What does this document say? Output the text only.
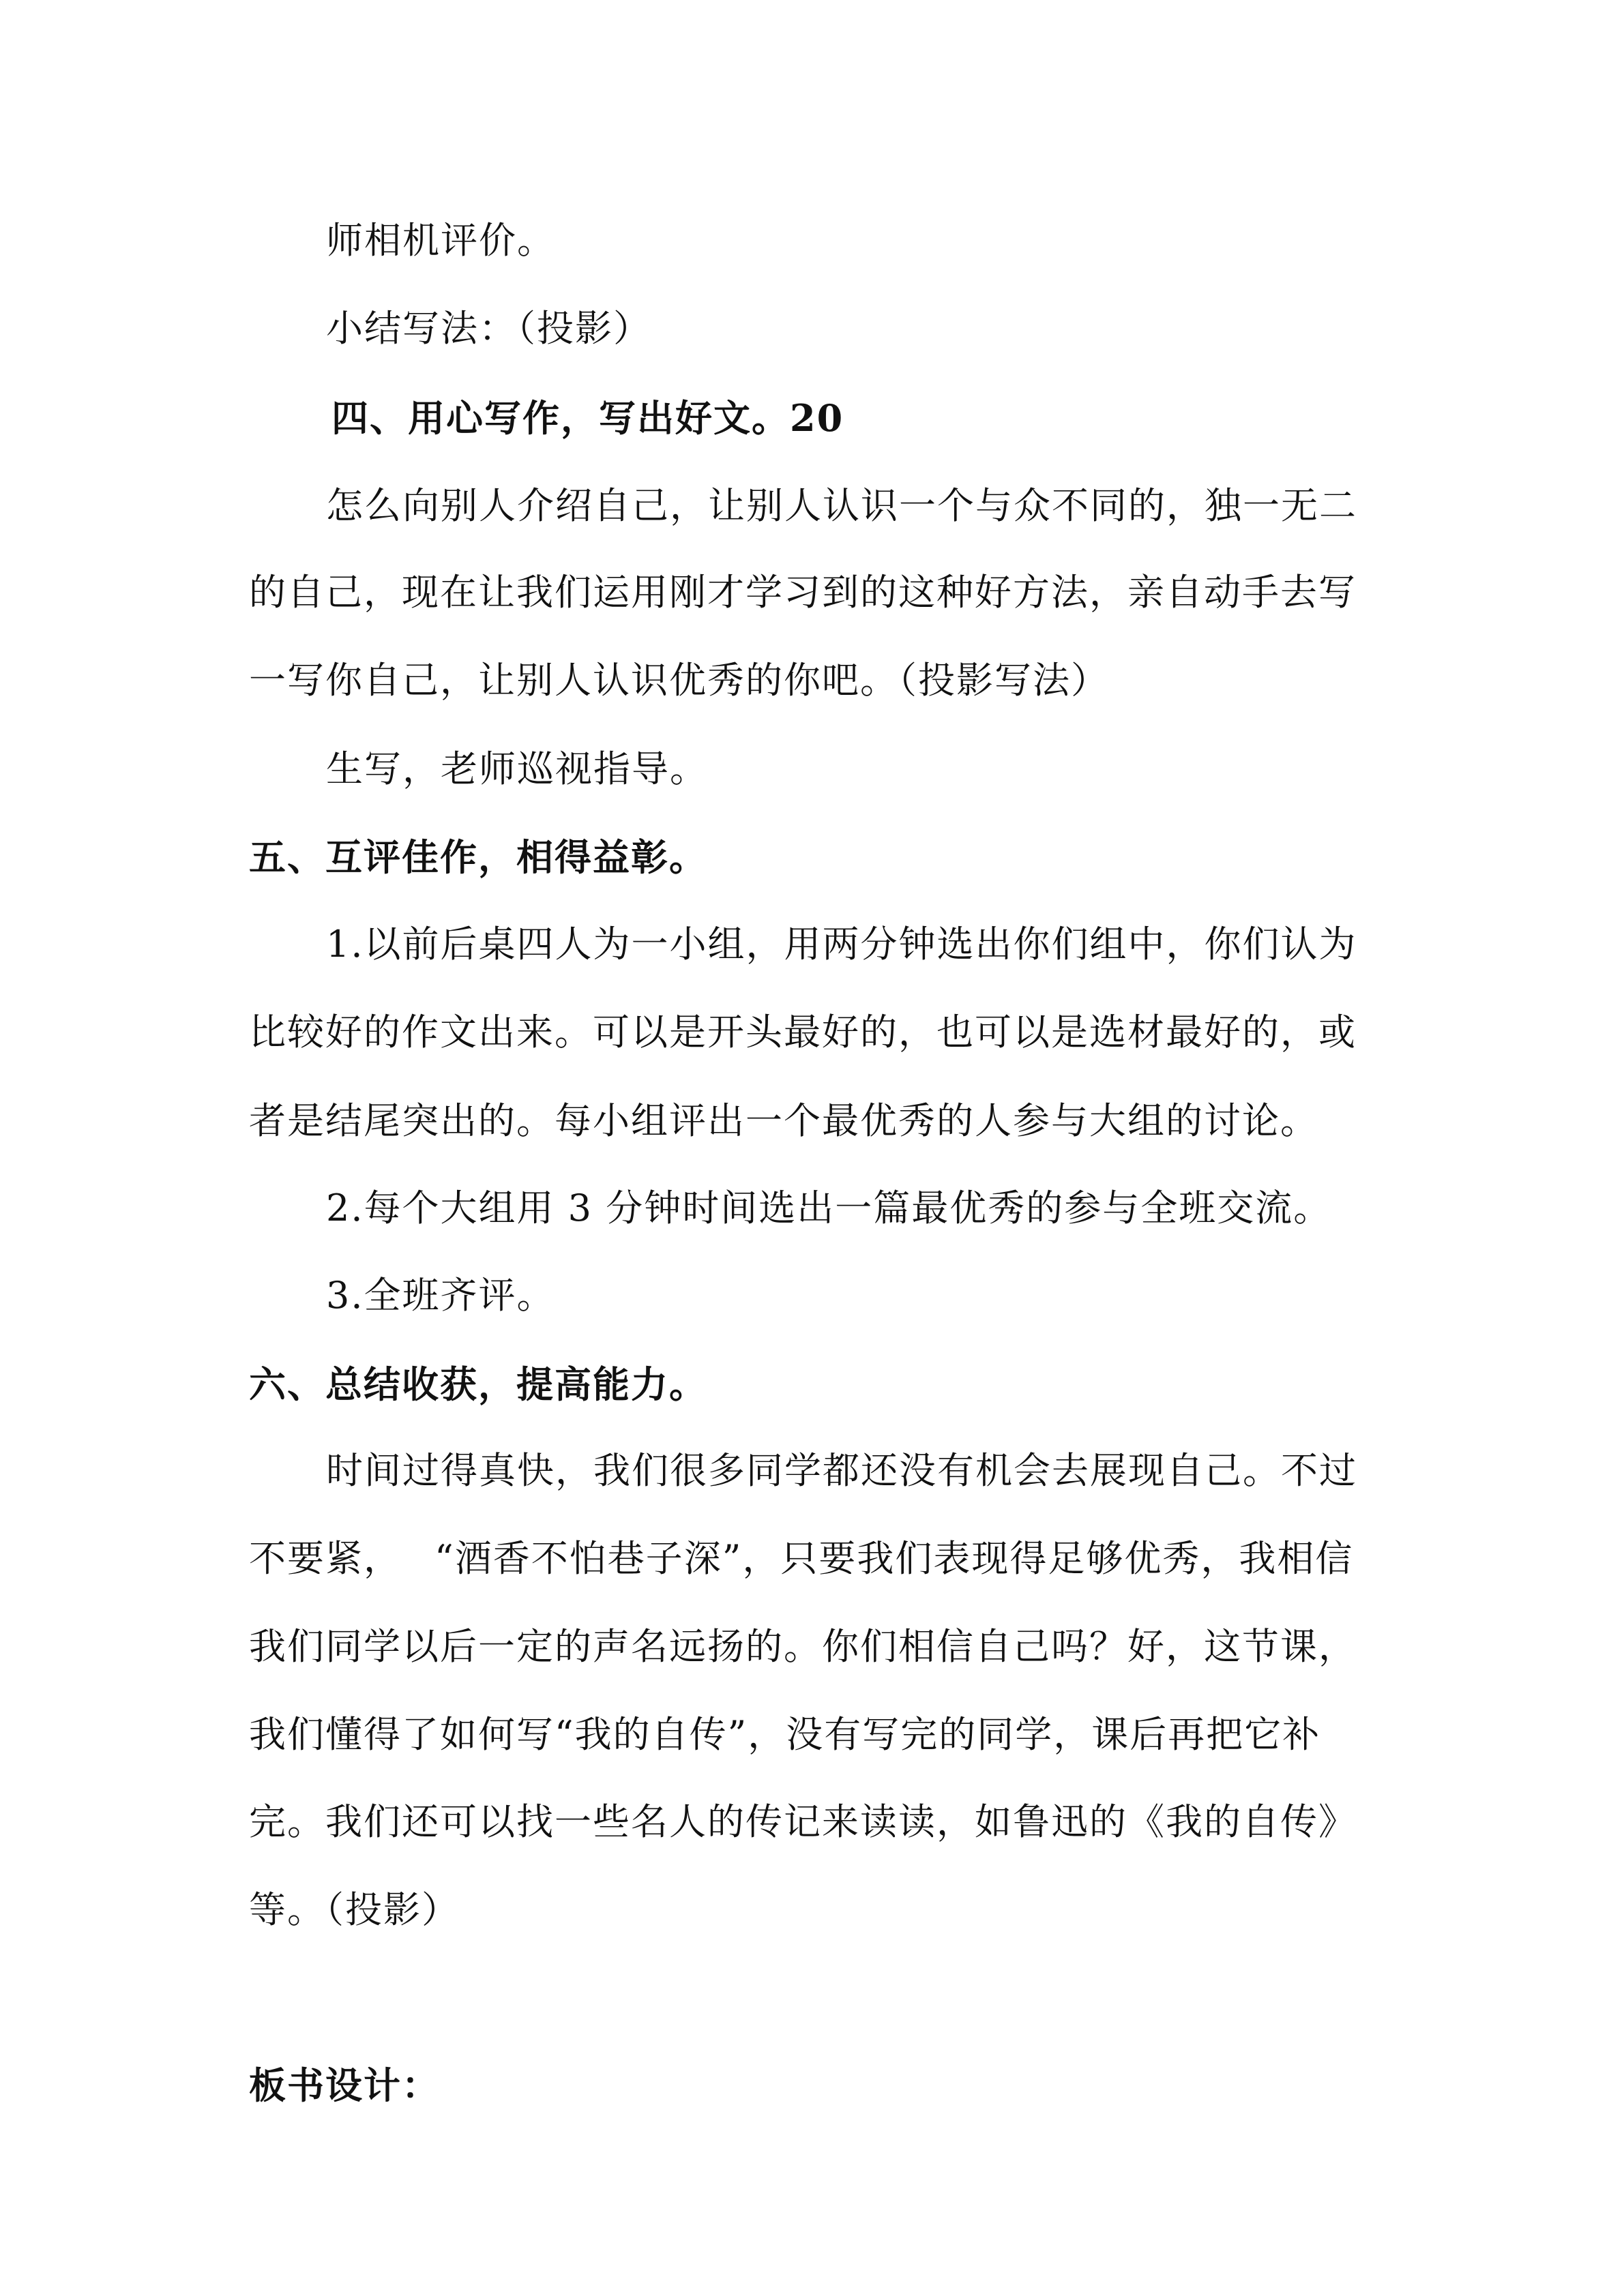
师相机评价。
小结写法：（投影）
四、用心写作，写出好文。20
怎么向别人介绍自己，让别人认识一个与众不同的，独一无二
的自己，现在让我们运用刚才学习到的这种好方法，亲自动手去写
一写你自己，让别人认识优秀的你吧。（投影写法）
生写，老师巡视指导。
五、互评佳作，相得益彰。
1.以前后桌四人为一小组，用两分钟选出你们组中，你们认为
比较好的作文出来。可以是开头最好的，也可以是选材最好的，或
者是结尾突出的。每小组评出一个最优秀的人参与大组的讨论。
2.每个大组用 3 分钟时间选出一篇最优秀的参与全班交流。
3.全班齐评。
六、总结收获，提高能力。
时间过得真快，我们很多同学都还没有机会去展现自己。不过
不要紧，　 “酒香不怕巷子深”，只要我们表现得足够优秀，我相信
我们同学以后一定的声名远扬的。你们相信自己吗？好，这节课，
我们懂得了如何写“我的自传”，没有写完的同学，课后再把它补
完。我们还可以找一些名人的传记来读读，如鲁迅的《我的自传》
等。（投影）
板书设计：
